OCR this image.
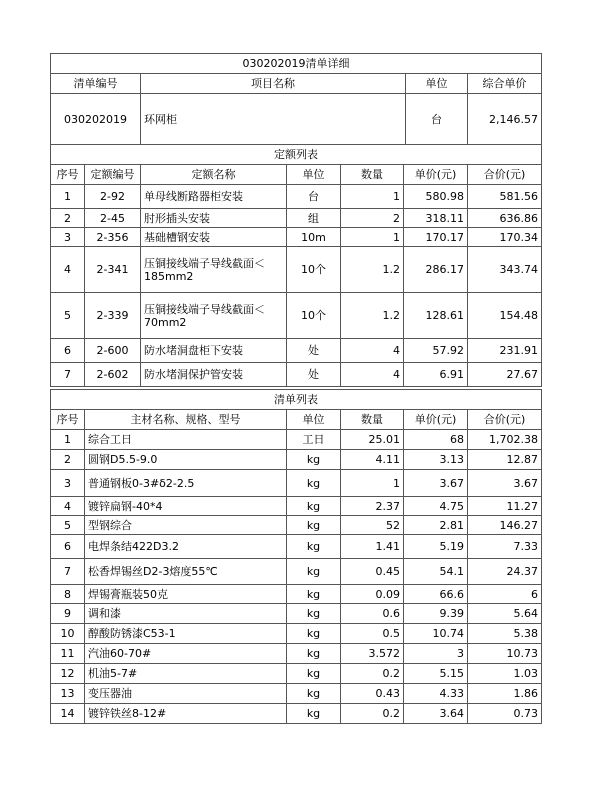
030202019清单详细			
清单编号	项目名称	单位	综合单价
030202019	环网柜	台	2,146.57
定额列表						
序号	定额编号	定额名称	单位	数量	单价(元)	合价(元)
1	2-92	单母线断路器柜安装	台	1	580.98	581.56
2	2-45	肘形插头安装	组	2	318.11	636.86
3	2-356	基础槽钢安装	10m	1	170.17	170.34
4	2-341	压铜接线端子导线截面＜185mm2	10个	1.2	286.17	343.74
5	2-339	压铜接线端子导线截面＜70mm2	10个	1.2	128.61	154.48
6	2-600	防水堵洞盘柜下安装	处	4	57.92	231.91
7	2-602	防水堵洞保护管安装	处	4	6.91	27.67
清单列表					
序号	主材名称、规格、型号	单位	数量	单价(元)	合价(元)
1	综合工日	工日	25.01	68	1,702.38
2	圆钢D5.5-9.0	kg	4.11	3.13	12.87
3	普通钢板0-3#δ2-2.5	kg	1	3.67	3.67
4	镀锌扁钢-40*4	kg	2.37	4.75	11.27
5	型钢综合	kg	52	2.81	146.27
6	电焊条结422D3.2	kg	1.41	5.19	7.33
7	松香焊锡丝D2-3熔度55℃	kg	0.45	54.1	24.37
8	焊锡膏瓶装50克	kg	0.09	66.6	6
9	调和漆	kg	0.6	9.39	5.64
10	醇酸防锈漆C53-1	kg	0.5	10.74	5.38
11	汽油60-70#	kg	3.572	3	10.73
12	机油5-7#	kg	0.2	5.15	1.03
13	变压器油	kg	0.43	4.33	1.86
14	镀锌铁丝8-12#	kg	0.2	3.64	0.73
